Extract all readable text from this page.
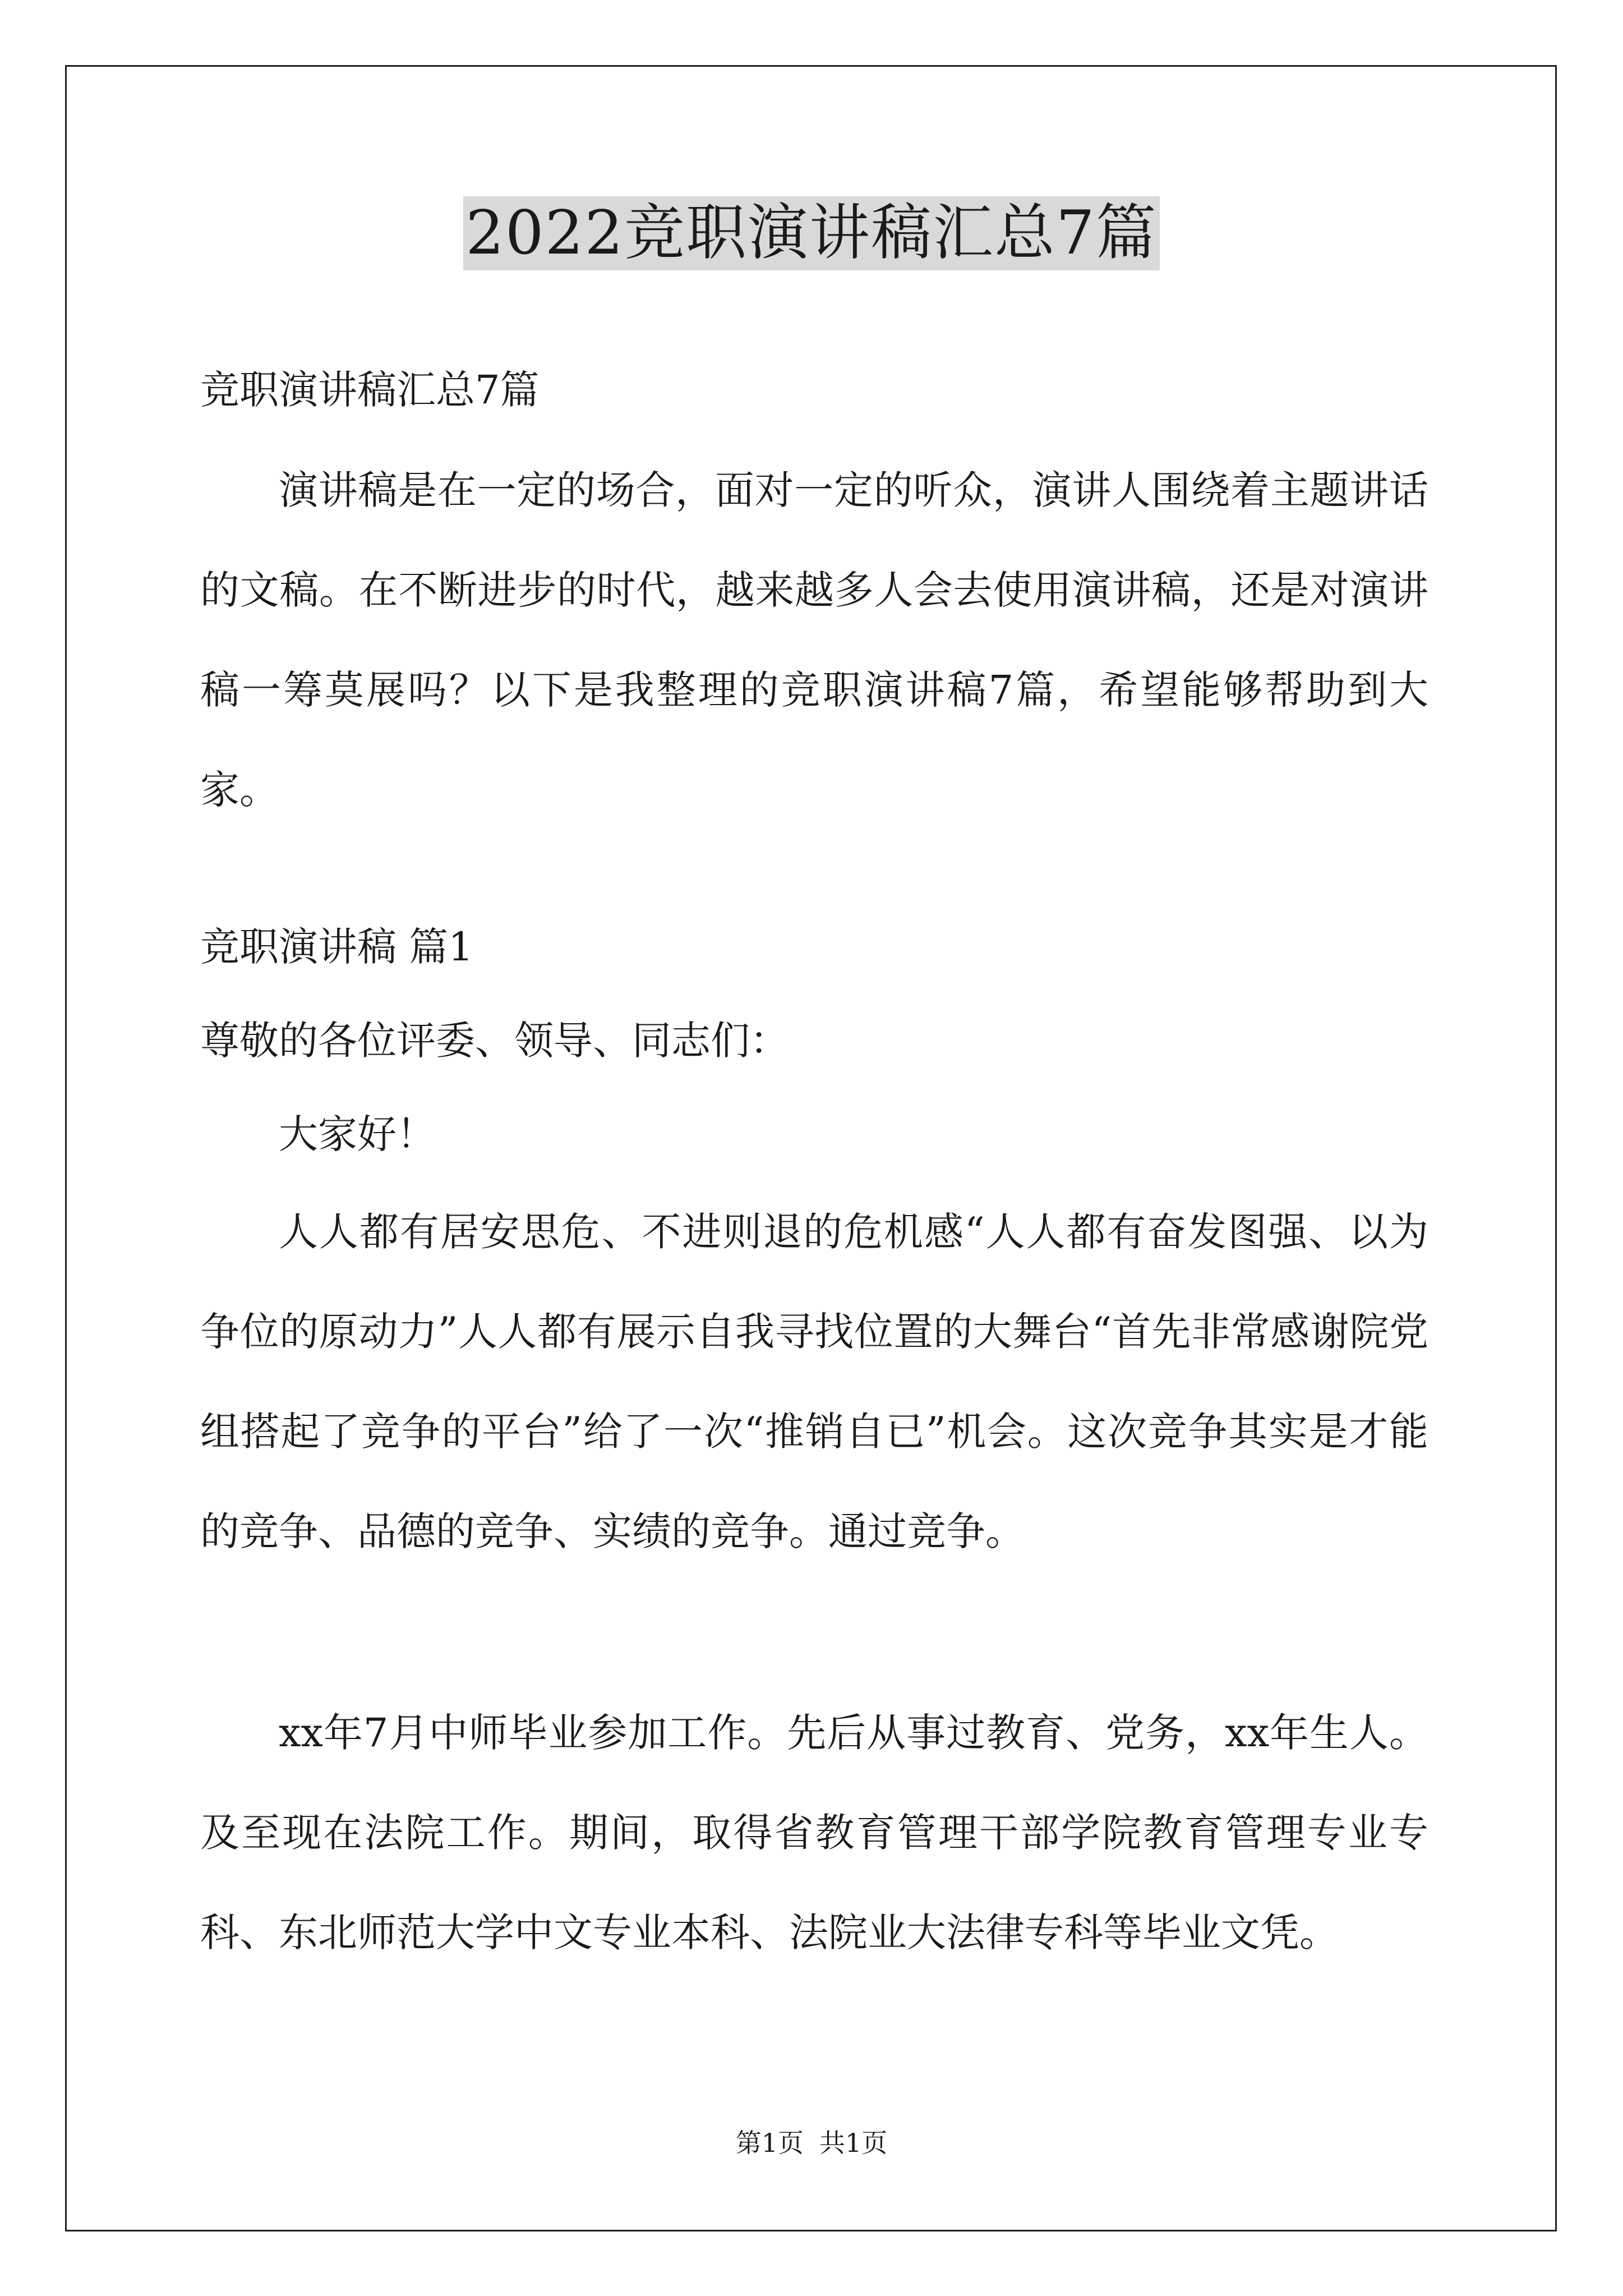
2022竞职演讲稿汇总7篇
竞职演讲稿汇总7篇

演讲稿是在一定的场合，面对一定的听众，演讲人围绕着主题讲话的文稿。在不断进步的时代，越来越多人会去使用演讲稿，还是对演讲稿一筹莫展吗？以下是我整理的竞职演讲稿7篇，希望能够帮助到大家。

竞职演讲稿 篇1
尊敬的各位评委、领导、同志们：
大家好！

人人都有居安思危、不进则退的危机感“人人都有奋发图强、以为争位的原动力”人人都有展示自我寻找位置的大舞台“首先非常感谢院党组搭起了竞争的平台”给了一次“推销自已”机会。这次竞争其实是才能的竞争、品德的竞争、实绩的竞争。通过竞争。

xx年7月中师毕业参加工作。先后从事过教育、党务，xx年生人。及至现在法院工作。期间，取得省教育管理干部学院教育管理专业专科、东北师范大学中文专业本科、法院业大法律专科等毕业文凭。

第1页 共1页
